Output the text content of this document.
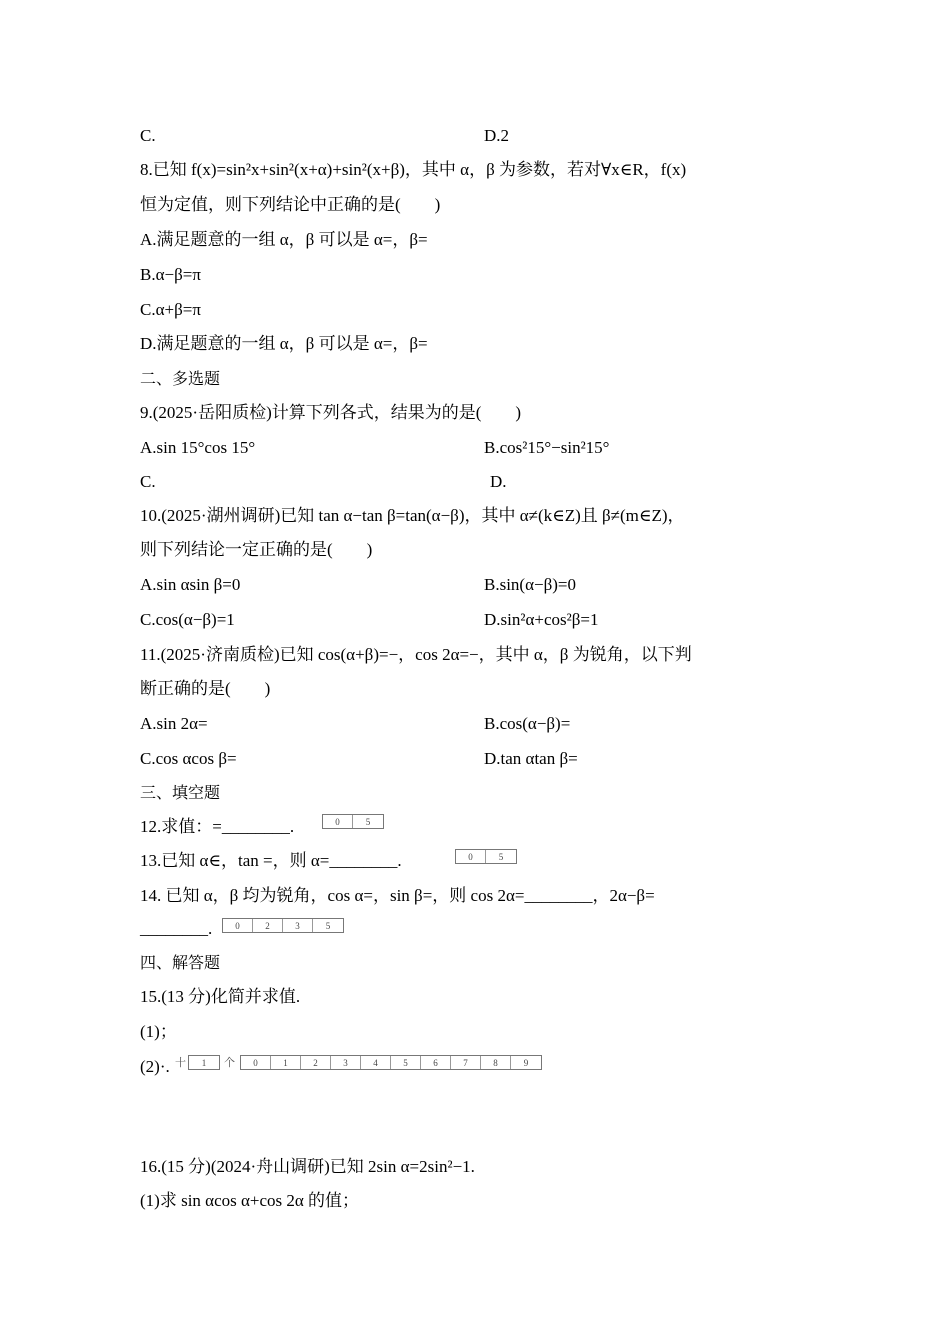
C.	D.2
8.已知 f(x)=sin²x+sin²(x+α)+sin²(x+β)，其中 α，β 为参数，若对∀x∈R，f(x)
恒为定值，则下列结论中正确的是(　　)
A.满足题意的一组 α，β 可以是 α=，β=
B.α−β=π
C.α+β=π
D.满足题意的一组 α，β 可以是 α=，β=
二、多选题
9.(2025·岳阳质检)计算下列各式，结果为的是(　　)
A.sin 15°cos 15°	B.cos²15°−sin²15°
C.	D.
10.(2025·湖州调研)已知 tan α−tan β=tan(α−β)，其中 α≠(k∈Z)且 β≠(m∈Z)，
则下列结论一定正确的是(　　)
A.sin αsin β=0	B.sin(α−β)=0
C.cos(α−β)=1	D.sin²α+cos²β=1
11.(2025·济南质检)已知 cos(α+β)=−，cos 2α=−，其中 α，β 为锐角，以下判
断正确的是(　　)
A.sin 2α=	B.cos(α−β)=
C.cos αcos β=	D.tan αtan β=
三、填空题
12.求值：=________.	0	5
13.已知 α∈，tan =，则 α=________.	0	5
14. 已知 α，β 均为锐角，cos α=，sin β=，则 cos 2α=________，2α−β=
________.	0	2	3	5
四、解答题
15.(13 分)化简并求值.
(1)；
(2)·. 十	1	个	0	1	2	3	4	5	6	7	8	9
16.(15 分)(2024·舟山调研)已知 2sin α=2sin²−1.
(1)求 sin αcos α+cos 2α 的值；
